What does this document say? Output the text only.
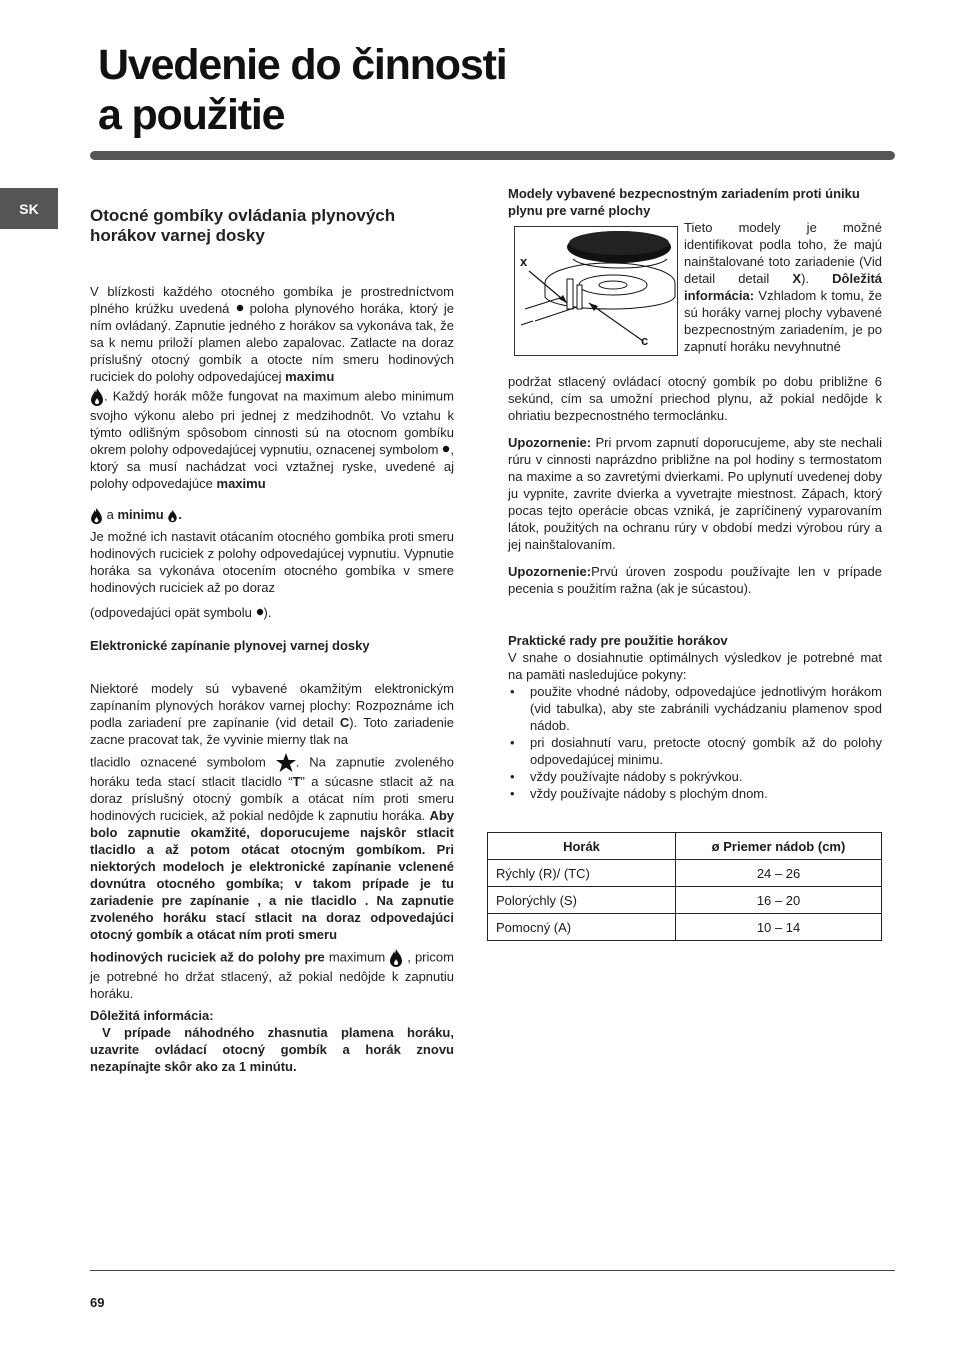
Uvedenie do činnosti
a použitie
SK	Otocné gombíky ovládania plynových horákov varnej dosky
V blízkosti každého otocného gombíka je prostredníctvom plného krúžku uvedená poloha plynového horáka, ktorý je ním ovládaný. Zapnutie jedného z horákov sa vykonáva tak, že sa k nemu priloží plamen alebo zapalovac. Zatlacte na doraz príslušný otocný gombík a otocte ním smeru hodinových ruciciek do polohy odpovedajúcej maximu
. Každý horák môže fungovat na maximum alebo minimum svojho výkonu alebo pri jednej z medzihodnôt. Vo vztahu k týmto odlišným spôsobom cinnosti sú na otocnom gombíku okrem polohy odpovedajúcej vypnutiu, oznacenej symbolom , ktorý sa musí nachádzat voci vztažnej ryske, uvedené aj polohy odpovedajúce maximu
a minimu .
Je možné ich nastavit otácaním otocného gombíka proti smeru hodinových ruciciek z polohy odpovedajúcej vypnutiu. Vypnutie horáka sa vykonáva otocením otocného gombíka v smere hodinových ruciciek až po doraz
(odpovedajúci opät symbolu ).
Elektronické zapínanie plynovej varnej dosky
Niektoré modely sú vybavené okamžitým elektronickým zapínaním plynových horákov varnej plochy: Rozpoznáme ich podla zariadení pre zapínanie (vid detail C). Toto zariadenie zacne pracovat tak, že vyvinie mierny tlak na
tlacidlo oznacené symbolom . Na zapnutie zvoleného horáku teda stací stlacit tlacidlo “T” a súcasne stlacit až na doraz príslušný otocný gombík a otácat ním proti smeru hodinových ruciciek, až pokial nedôjde k zapnutiu horáka. Aby bolo zapnutie okamžité, doporucujeme najskôr stlacit tlacidlo a až potom otácat otocným gombíkom. Pri niektorých modeloch je elektronické zapínanie vclenené dovnútra otocného gombíka; v takom prípade je tu zariadenie pre zapínanie , a nie tlacidlo . Na zapnutie zvoleného horáku stací stlacit na doraz odpovedajúci otocný gombík a otácat ním proti smeru
hodinových ruciciek až do polohy pre maximum , pricom je potrebné ho držat stlacený, až pokial nedôjde k zapnutiu horáku.
Dôležitá informácia:
V prípade náhodného zhasnutia plamena horáku, uzavrite ovládací otocný gombík a horák znovu nezapínajte skôr ako za 1 minútu.
Modely vybavené bezpecnostným zariadením proti úniku plynu pre varné plochy
x
c
Tieto modely je možné identifikovat podla toho, že majú nainštalované toto zariadenie (Vid detail detail X). Dôležitá informácia: Vzhladom k tomu, že sú horáky varnej plochy vybavené bezpecnostným zariadením, je po zapnutí horáku nevyhnutné
podržat stlacený ovládací otocný gombík po dobu približne 6 sekúnd, cím sa umožní priechod plynu, až pokial nedôjde k ohriatiu bezpecnostného termoclánku.
Upozornenie: Pri prvom zapnutí doporucujeme, aby ste nechali rúru v cinnosti naprázdno približne na pol hodiny s termostatom na maxime a so zavretými dvierkami. Po uplynutí uvedenej doby ju vypnite, zavrite dvierka a vyvetrajte miestnost. Zápach, ktorý pocas tejto operácie obcas vzniká, je zapríčinený vyparovaním látok, použitých na ochranu rúry v období medzi výrobou rúry a jej nainštalovaním.
Upozornenie:Prvú úroven zospodu používajte len v prípade pecenia s použitím ražna (ak je súcastou).
Praktické rady pre použitie horákov
V snahe o dosiahnutie optimálnych výsledkov je potrebné mat na pamäti nasledujúce pokyny:
• použite vhodné nádoby, odpovedajúce jednotlivým horákom (vid tabulka), aby ste zabránili vychádzaniu plamenov spod nádob.
• pri dosiahnutí varu, pretocte otocný gombík až do polohy odpovedajúcej minimu.
• vždy používajte nádoby s pokrývkou.
• vždy používajte nádoby s plochým dnom.
Horák	ø Priemer nádob (cm)
Rýchly (R)/ (TC)	24 – 26
Polorýchly (S)	16 – 20
Pomocný (A)	10 – 14
69
